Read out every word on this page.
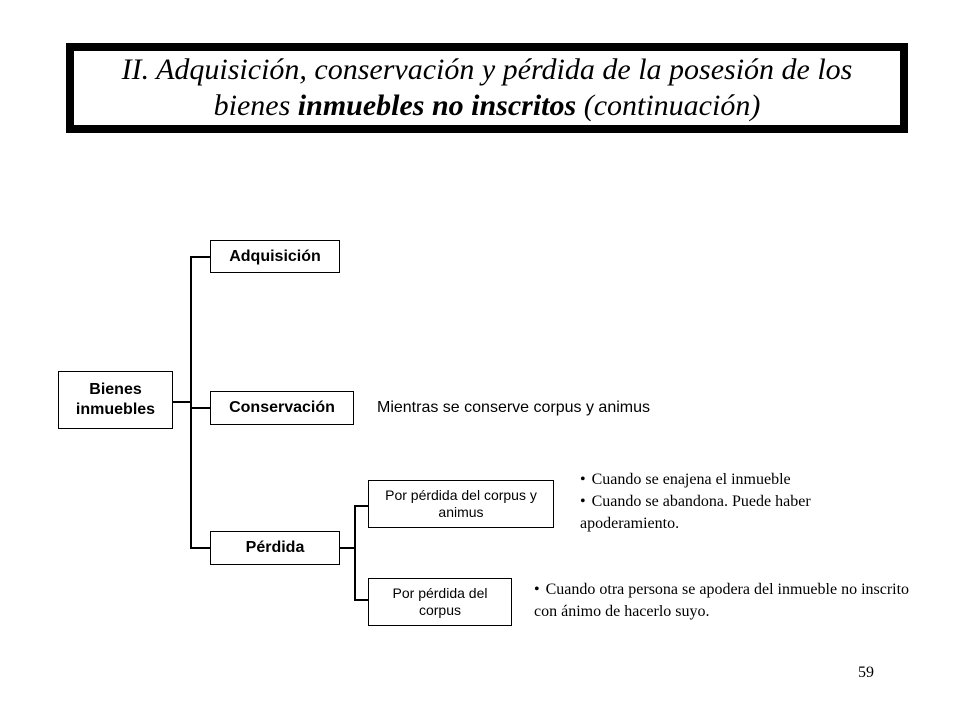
II. Adquisición, conservación y pérdida de la posesión de los
bienes inmuebles no inscritos (continuación)
Bienes inmuebles
Adquisición
Conservación
Pérdida
Por pérdida del corpus y animus
Por pérdida del corpus
Mientras se conserve corpus y animus
• Cuando se enajena el inmueble
• Cuando se abandona. Puede haber apoderamiento.
• Cuando otra persona se apodera del inmueble no inscrito con ánimo de hacerlo suyo.
59
